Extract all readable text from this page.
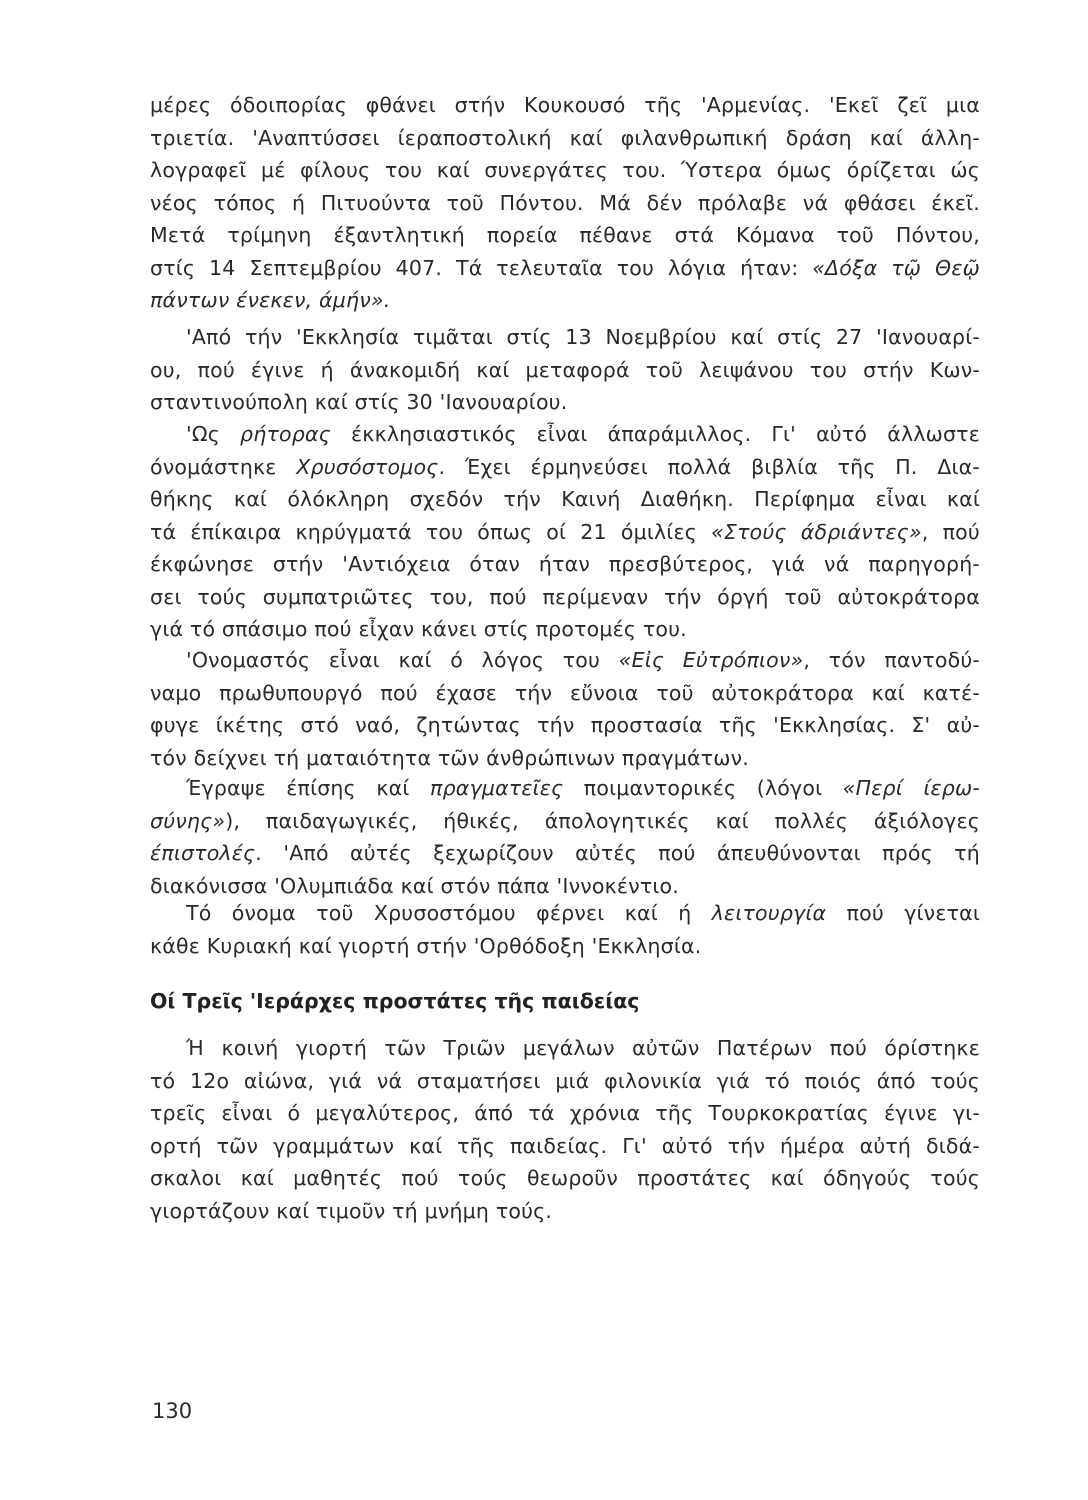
μέρες όδοιπορίας φθάνει στήν Κουκουσό τῆς 'Αρμενίας. 'Εκεῖ ζεῖ μια
τριετία. 'Αναπτύσσει ίεραποστολική καί φιλανθρωπική δράση καί άλλη-
λογραφεῖ μέ φίλους του καί συνεργάτες του. Ύστερα όμως όρίζεται ώς
νέος τόπος ή Πιτυούντα τοῦ Πόντου. Μά δέν πρόλαβε νά φθάσει έκεῖ.
Μετά τρίμηνη έξαντλητική πορεία πέθανε στά Κόμανα τοῦ Πόντου,
στίς 14 Σεπτεμβρίου 407. Τά τελευταῖα του λόγια ήταν: «Δόξα τῷ Θεῷ
πάντων ένεκεν, άμήν».
'Από τήν 'Εκκλησία τιμᾶται στίς 13 Νοεμβρίου καί στίς 27 'Ιανουαρί-
ου, πού έγινε ή άνακομιδή καί μεταφορά τοῦ λειψάνου του στήν Κων-
σταντινούπολη καί στίς 30 'Ιανουαρίου.
'Ως ρήτορας έκκλησιαστικός εἶναι άπαράμιλλος. Γι' αὐτό άλλωστε
όνομάστηκε Χρυσόστομος. Έχει έρμηνεύσει πολλά βιβλία τῆς Π. Δια-
θήκης καί όλόκληρη σχεδόν τήν Καινή Διαθήκη. Περίφημα εἶναι καί
τά έπίκαιρα κηρύγματά του όπως οί 21 όμιλίες «Στούς άδριάντες», πού
έκφώνησε στήν 'Αντιόχεια όταν ήταν πρεσβύτερος, γιά νά παρηγορή-
σει τούς συμπατριῶτες του, πού περίμεναν τήν όργή τοῦ αὐτοκράτορα
γιά τό σπάσιμο πού εἶχαν κάνει στίς προτομές του.
'Ονομαστός εἶναι καί ό λόγος του «Εἰς Εὐτρόπιον», τόν παντοδύ-
ναμο πρωθυπουργό πού έχασε τήν εὔνοια τοῦ αὐτοκράτορα καί κατέ-
φυγε ίκέτης στό ναό, ζητώντας τήν προστασία τῆς 'Εκκλησίας. Σ' αὐ-
τόν δείχνει τή ματαιότητα τῶν άνθρώπινων πραγμάτων.
Έγραψε έπίσης καί πραγματεῖες ποιμαντορικές (λόγοι «Περί ίερω-
σύνης»), παιδαγωγικές, ήθικές, άπολογητικές καί πολλές άξιόλογες
έπιστολές. 'Από αὐτές ξεχωρίζουν αὐτές πού άπευθύνονται πρός τή
διακόνισσα 'Ολυμπιάδα καί στόν πάπα 'Ιννοκέντιο.
Τό όνομα τοῦ Χρυσοστόμου φέρνει καί ή λειτουργία πού γίνεται
κάθε Κυριακή καί γιορτή στήν 'Ορθόδοξη 'Εκκλησία.
Οί Τρεῖς 'Ιεράρχες προστάτες τῆς παιδείας
Ή κοινή γιορτή τῶν Τριῶν μεγάλων αὐτῶν Πατέρων πού όρίστηκε
τό 12ο αἰώνα, γιά νά σταματήσει μιά φιλονικία γιά τό ποιός άπό τούς
τρεῖς εἶναι ό μεγαλύτερος, άπό τά χρόνια τῆς Τουρκοκρατίας έγινε γι-
ορτή τῶν γραμμάτων καί τῆς παιδείας. Γι' αὐτό τήν ήμέρα αὐτή διδά-
σκαλοι καί μαθητές πού τούς θεωροῦν προστάτες καί όδηγούς τούς
γιορτάζουν καί τιμοῦν τή μνήμη τούς.
130
